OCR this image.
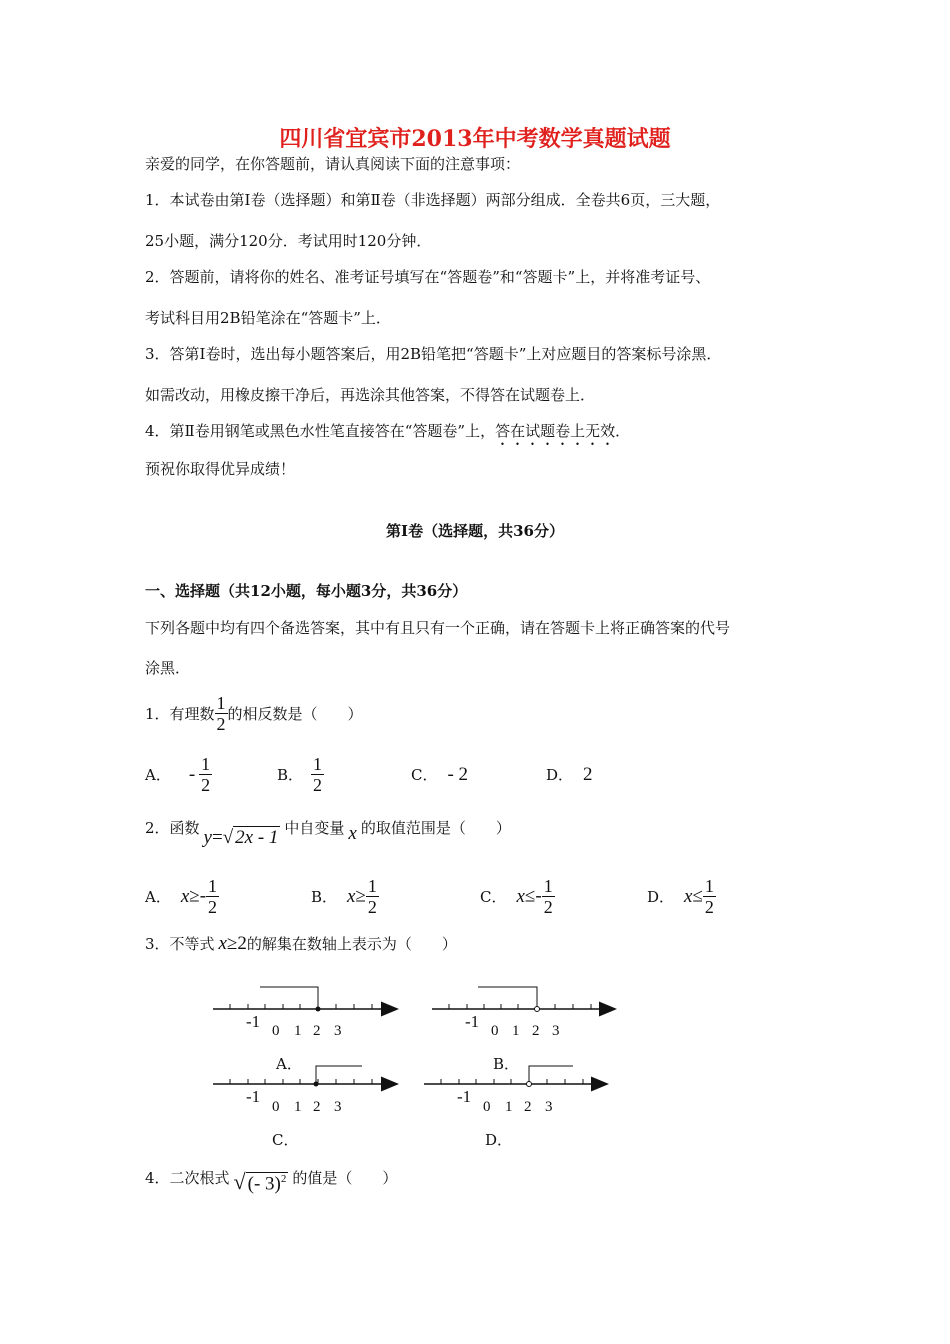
四川省宜宾市2013年中考数学真题试题
亲爱的同学，在你答题前，请认真阅读下面的注意事项：
1．本试卷由第Ⅰ卷（选择题）和第Ⅱ卷（非选择题）两部分组成．全卷共6页，三大题，
25小题，满分120分．考试用时120分钟．
2．答题前，请将你的姓名、准考证号填写在“答题卷”和“答题卡”上，并将准考证号、
考试科目用2B铅笔涂在“答题卡”上．
3．答第Ⅰ卷时，选出每小题答案后，用2B铅笔把“答题卡”上对应题目的答案标号涂黑．
如需改动，用橡皮擦干净后，再选涂其他答案，不得答在试题卷上．
4．第Ⅱ卷用钢笔或黑色水性笔直接答在“答题卷”上，答在试题卷上无效．
预祝你取得优异成绩！
第Ⅰ卷（选择题，共36分）
一、选择题（共12小题，每小题3分，共36分）
下列各题中均有四个备选答案，其中有且只有一个正确，请在答题卡上将正确答案的代号
涂黑．
1．有理数 $\frac{1}{2}$ 的相反数是（　　）
A． - $\frac{1}{2}$	B． $\frac{1}{2}$	C． - 2	D． 2
2．函数 y=√ 2x - 1 中自变量 x 的取值范围是（　　）
A． $x\ge- \frac{1}{2}$	B． $x\ge \frac{1}{2}$	C． $x\le- \frac{1}{2}$	D． $x\le \frac{1}{2}$
3．不等式 x≥2的解集在数轴上表示为（　　）
-1 0 1 2 3
A．
-1 0 1 2 3
B．
-1
0 1 2 3
C．
-1
0 1 2 3
D．
4．二次根式 √ (- 3)$^2$ 的值是（　　）
